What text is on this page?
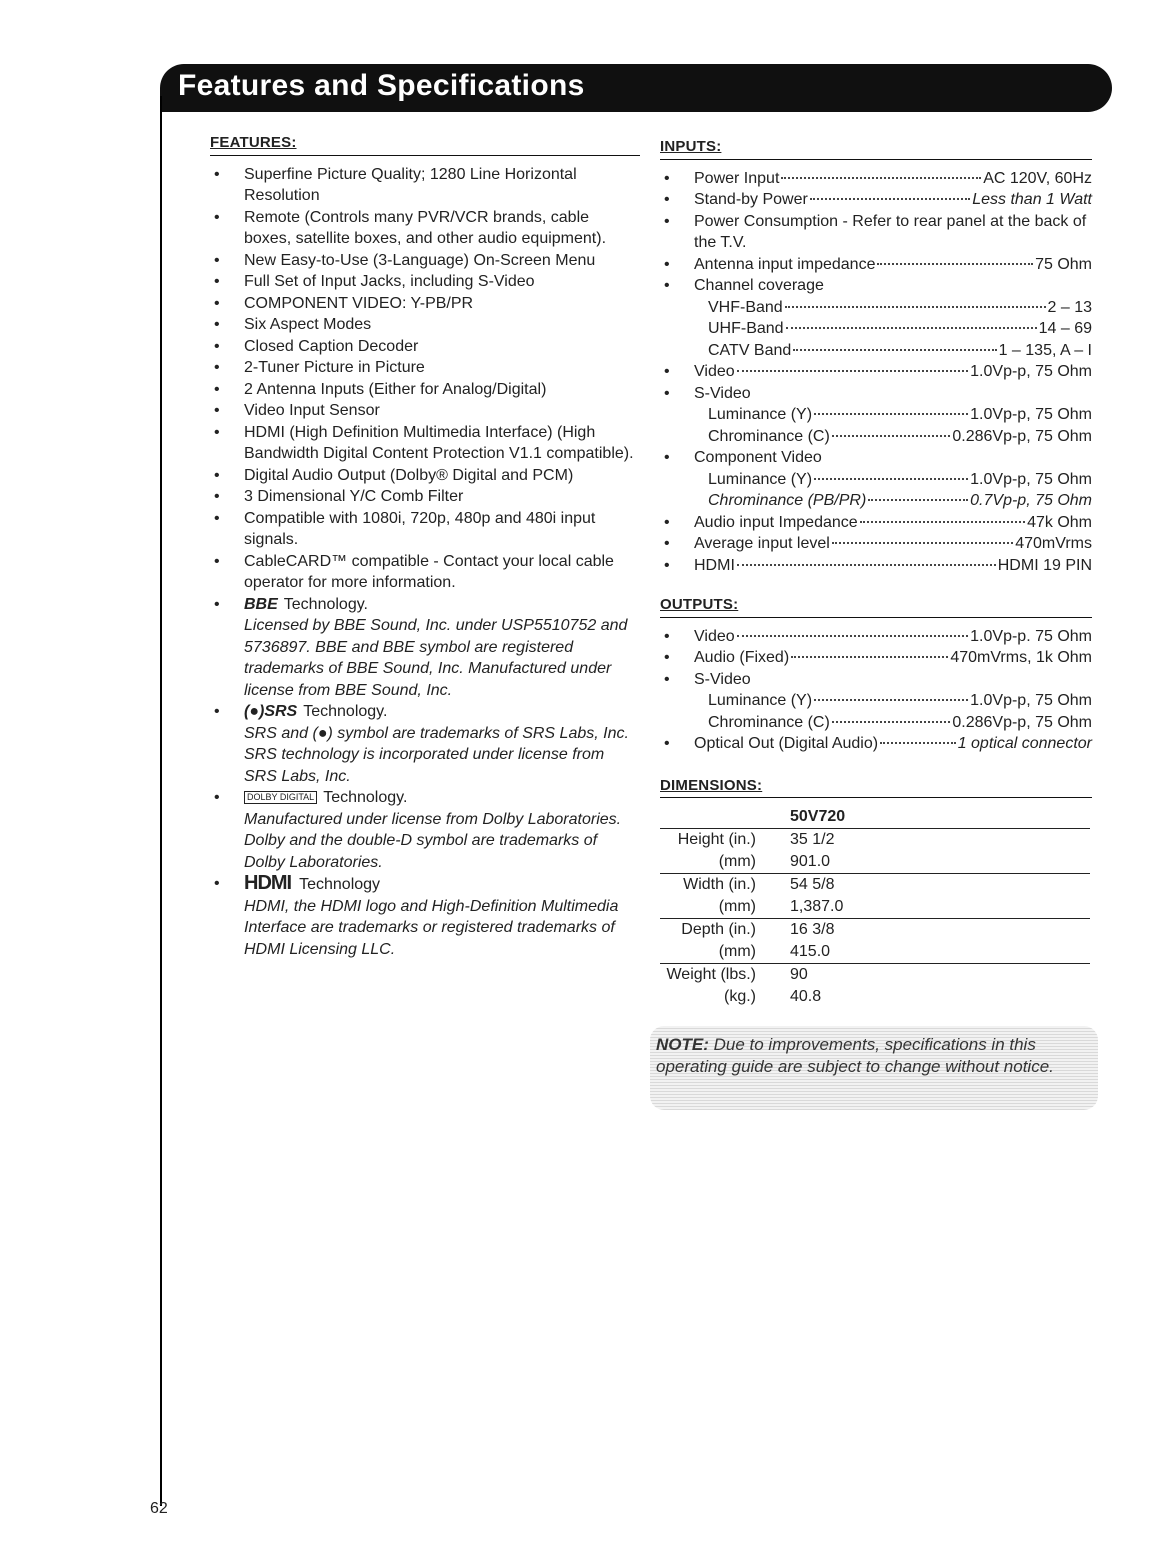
Features and Specifications
62
FEATURES:
• Superfine Picture Quality; 1280 Line Horizontal Resolution
• Remote (Controls many PVR/VCR brands, cable boxes, satellite boxes, and other audio equipment).
• New Easy-to-Use (3-Language) On-Screen Menu
• Full Set of Input Jacks, including S-Video
• COMPONENT VIDEO: Y-PB/PR
• Six Aspect Modes
• Closed Caption Decoder
• 2-Tuner Picture in Picture
• 2 Antenna Inputs (Either for Analog/Digital)
• Video Input Sensor
• HDMI (High Definition Multimedia Interface) (High Bandwidth Digital Content Protection V1.1 compatible).
• Digital Audio Output (Dolby® Digital and PCM)
• 3 Dimensional Y/C Comb Filter
• Compatible with 1080i, 720p, 480p and 480i input signals.
• CableCARD™ compatible - Contact your local cable operator for more information.
• BBE Technology.
Licensed by BBE Sound, Inc. under USP5510752 and 5736897. BBE and BBE symbol are registered trademarks of BBE Sound, Inc. Manufactured under license from BBE Sound, Inc.
• (●)SRS Technology.
SRS and (●) symbol are trademarks of SRS Labs, Inc. SRS technology is incorporated under license from SRS Labs, Inc.
• DOLBY DIGITAL Technology.
Manufactured under license from Dolby Laboratories. Dolby and the double-D symbol are trademarks of Dolby Laboratories.
• HDMI Technology
HDMI, the HDMI logo and High-Definition Multimedia Interface are trademarks or registered trademarks of HDMI Licensing LLC.
INPUTS:
• Power Input	AC 120V, 60Hz
• Stand-by Power	Less than 1 Watt
• Power Consumption - Refer to rear panel at the back of the T.V.
• Antenna input impedance	75 Ohm
• Channel coverage
VHF-Band	2 – 13
UHF-Band	14 – 69
CATV Band	1 – 135, A – I
• Video	1.0Vp-p, 75 Ohm
• S-Video
Luminance (Y)	1.0Vp-p, 75 Ohm
Chrominance (C)	0.286Vp-p, 75 Ohm
• Component Video
Luminance (Y)	1.0Vp-p, 75 Ohm
Chrominance (PB/PR)	0.7Vp-p, 75 Ohm
• Audio input Impedance	47k Ohm
• Average input level	470mVrms
• HDMI	HDMI 19 PIN
OUTPUTS:
• Video	1.0Vp-p. 75 Ohm
• Audio (Fixed)	470mVrms, 1k Ohm
• S-Video
Luminance (Y)	1.0Vp-p, 75 Ohm
Chrominance (C)	0.286Vp-p, 75 Ohm
• Optical Out (Digital Audio)	1 optical connector
DIMENSIONS:
	50V720
Height (in.)	35 1/2
(mm)	901.0
Width (in.)	54 5/8
(mm)	1,387.0
Depth (in.)	16 3/8
(mm)	415.0
Weight (lbs.)	90
(kg.)	40.8
NOTE: Due to improvements, specifications in this operating guide are subject to change without notice.
